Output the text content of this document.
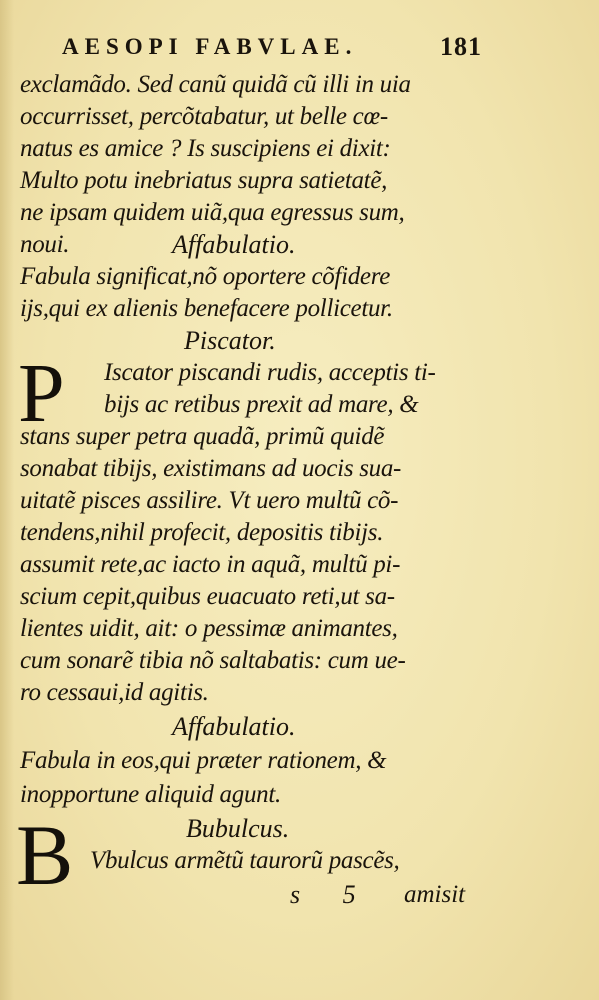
AESOPI FABVLAE.	181
exclamãdo. Sed canũ quidã cũ illi in uia
occurrisset, percõtabatur, ut belle cœ-
natus es amice ? Is suscipiens ei dixit:
Multo potu inebriatus supra satietatẽ,
ne ipsam quidem uiã,qua egressus sum,
noui.	Affabulatio.
Fabula significat,nõ oportere cõfidere
ijs,qui ex alienis benefacere pollicetur.
Piscator.
P Iscator piscandi rudis, acceptis ti-
bijs ac retibus prexit ad mare, &
stans super petra quadã, primũ quidẽ
sonabat tibijs, existimans ad uocis sua-
uitatẽ pisces assilire. Vt uero multũ cõ-
tendens,nihil profecit, depositis tibijs.
assumit rete,ac iacto in aquã, multũ pi-
scium cepit,quibus euacuato reti,ut sa-
lientes uidit, ait: o pessimæ animantes,
cum sonarẽ tibia nõ saltabatis: cum ue-
ro cessaui,id agitis.
Affabulatio.
Fabula in eos,qui præter rationem, &
inopportune aliquid agunt.
B	Bubulcus.
Vbulcus armẽtũ taurorũ pascẽs,
s 5 amisit
